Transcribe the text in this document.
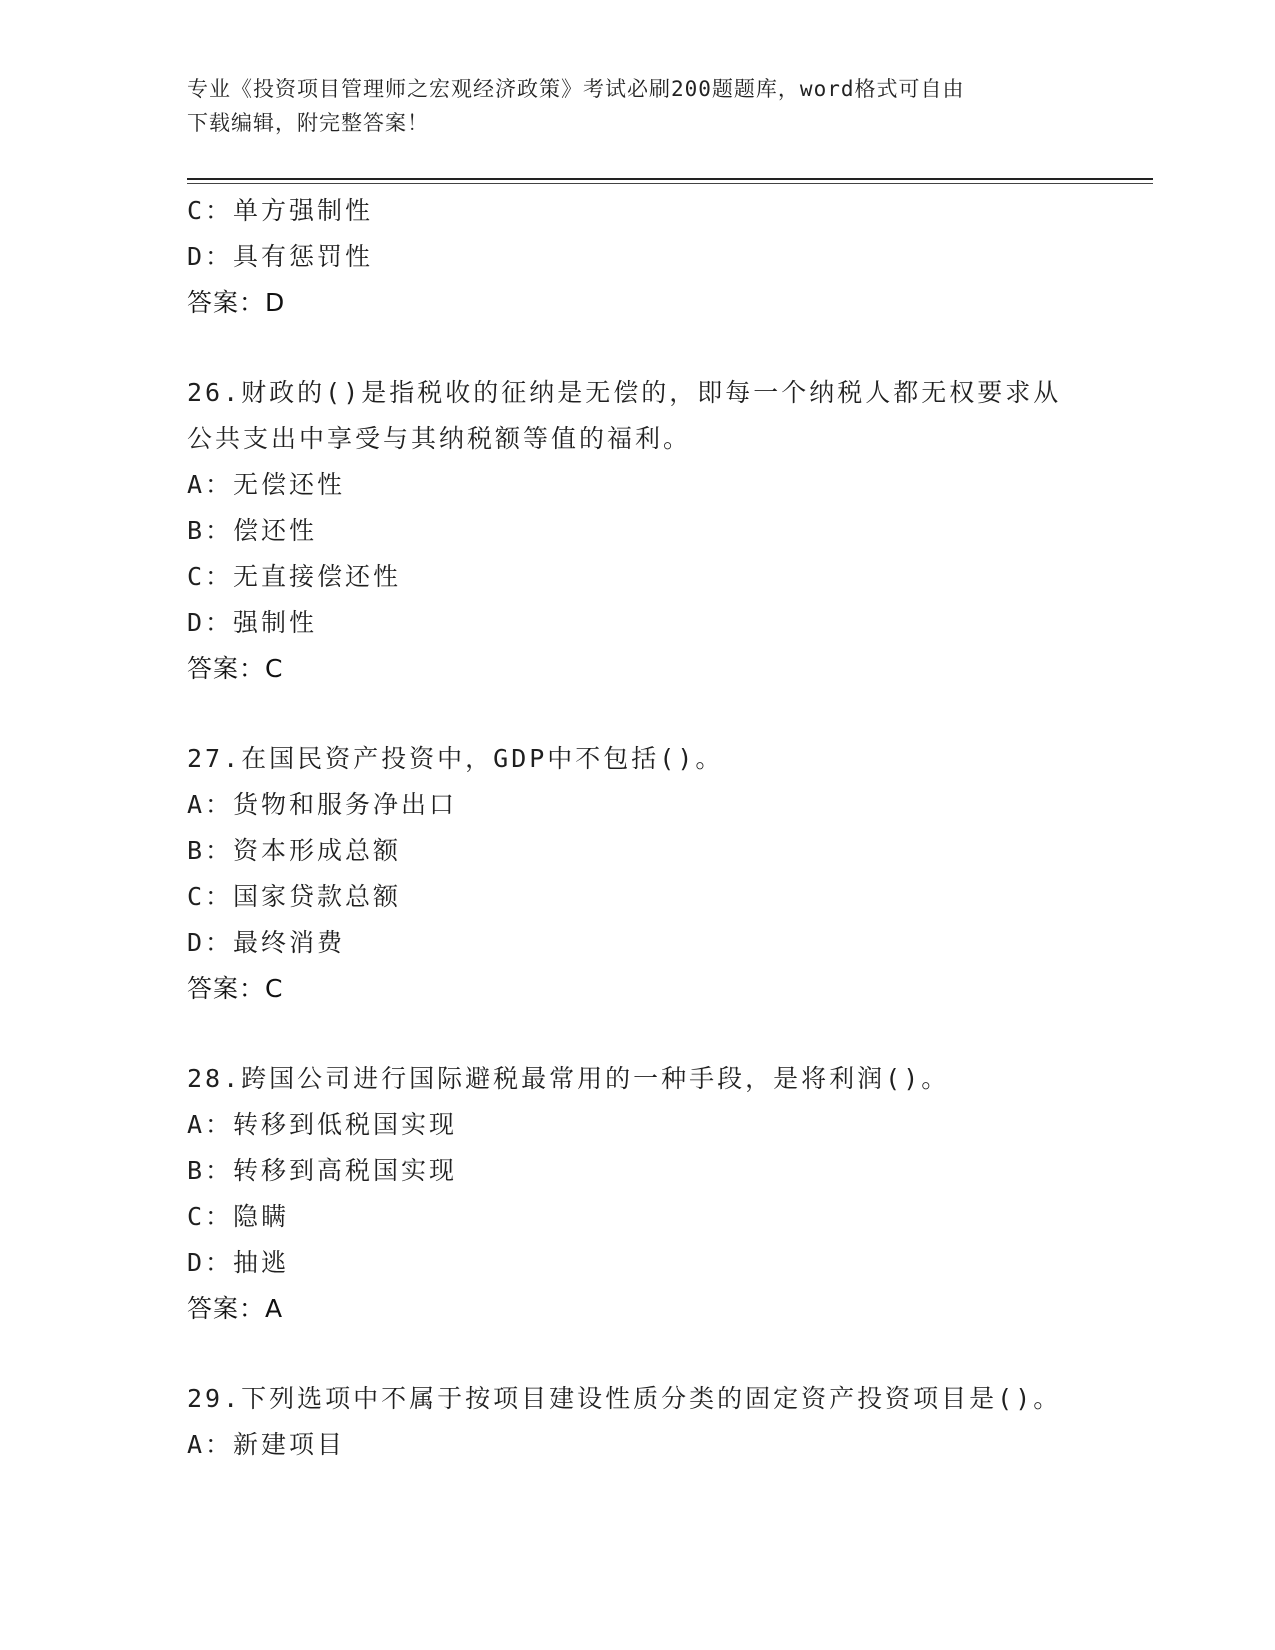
专业《投资项目管理师之宏观经济政策》考试必刷200题题库，word格式可自由
下载编辑，附完整答案！
C：单方强制性
D：具有惩罚性
答案：D
26.财政的()是指税收的征纳是无偿的，即每一个纳税人都无权要求从
公共支出中享受与其纳税额等值的福利。
A：无偿还性
B：偿还性
C：无直接偿还性
D：强制性
答案：C
27.在国民资产投资中，GDP中不包括()。
A：货物和服务净出口
B：资本形成总额
C：国家贷款总额
D：最终消费
答案：C
28.跨国公司进行国际避税最常用的一种手段，是将利润()。
A：转移到低税国实现
B：转移到高税国实现
C：隐瞒
D：抽逃
答案：A
29.下列选项中不属于按项目建设性质分类的固定资产投资项目是()。
A：新建项目
